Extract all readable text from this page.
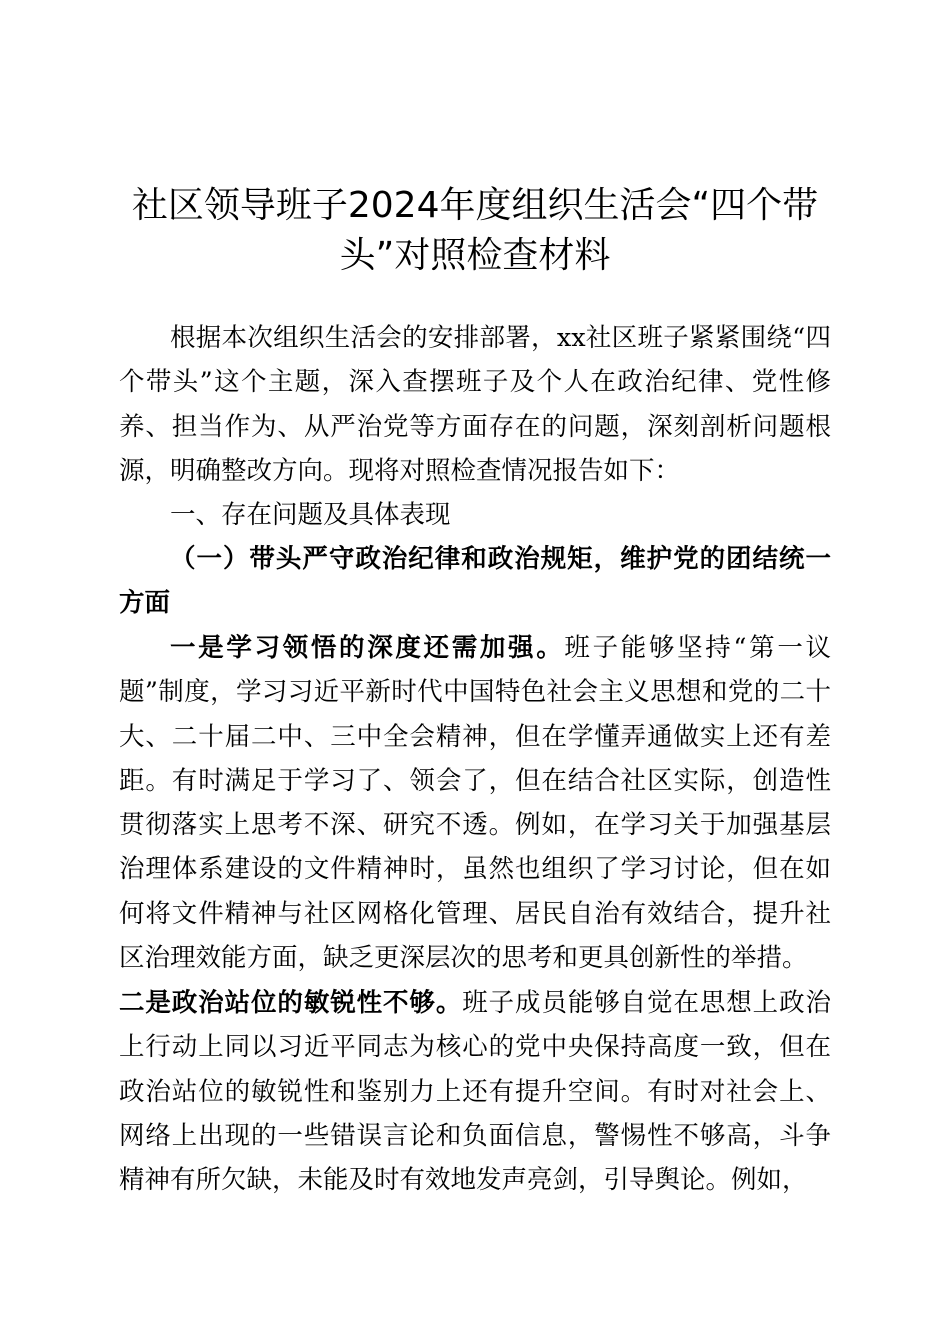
社区领导班子2024年度组织生活会“四个带头”对照检查材料

根据本次组织生活会的安排部署，xx社区班子紧紧围绕“四个带头”这个主题，深入查摆班子及个人在政治纪律、党性修养、担当作为、从严治党等方面存在的问题，深刻剖析问题根源，明确整改方向。现将对照检查情况报告如下：

一、存在问题及具体表现

（一）带头严守政治纪律和政治规矩，维护党的团结统一方面

一是学习领悟的深度还需加强。班子能够坚持“第一议题”制度，学习习近平新时代中国特色社会主义思想和党的二十大、二十届二中、三中全会精神，但在学懂弄通做实上还有差距。有时满足于学习了、领会了，但在结合社区实际，创造性贯彻落实上思考不深、研究不透。例如，在学习关于加强基层治理体系建设的文件精神时，虽然也组织了学习讨论，但在如何将文件精神与社区网格化管理、居民自治有效结合，提升社区治理效能方面，缺乏更深层次的思考和更具创新性的举措。

二是政治站位的敏锐性不够。班子成员能够自觉在思想上政治上行动上同以习近平同志为核心的党中央保持高度一致，但在政治站位的敏锐性和鉴别力上还有提升空间。有时对社会上、网络上出现的一些错误言论和负面信息，警惕性不够高，斗争精神有所欠缺，未能及时有效地发声亮剑，引导舆论。例如，
